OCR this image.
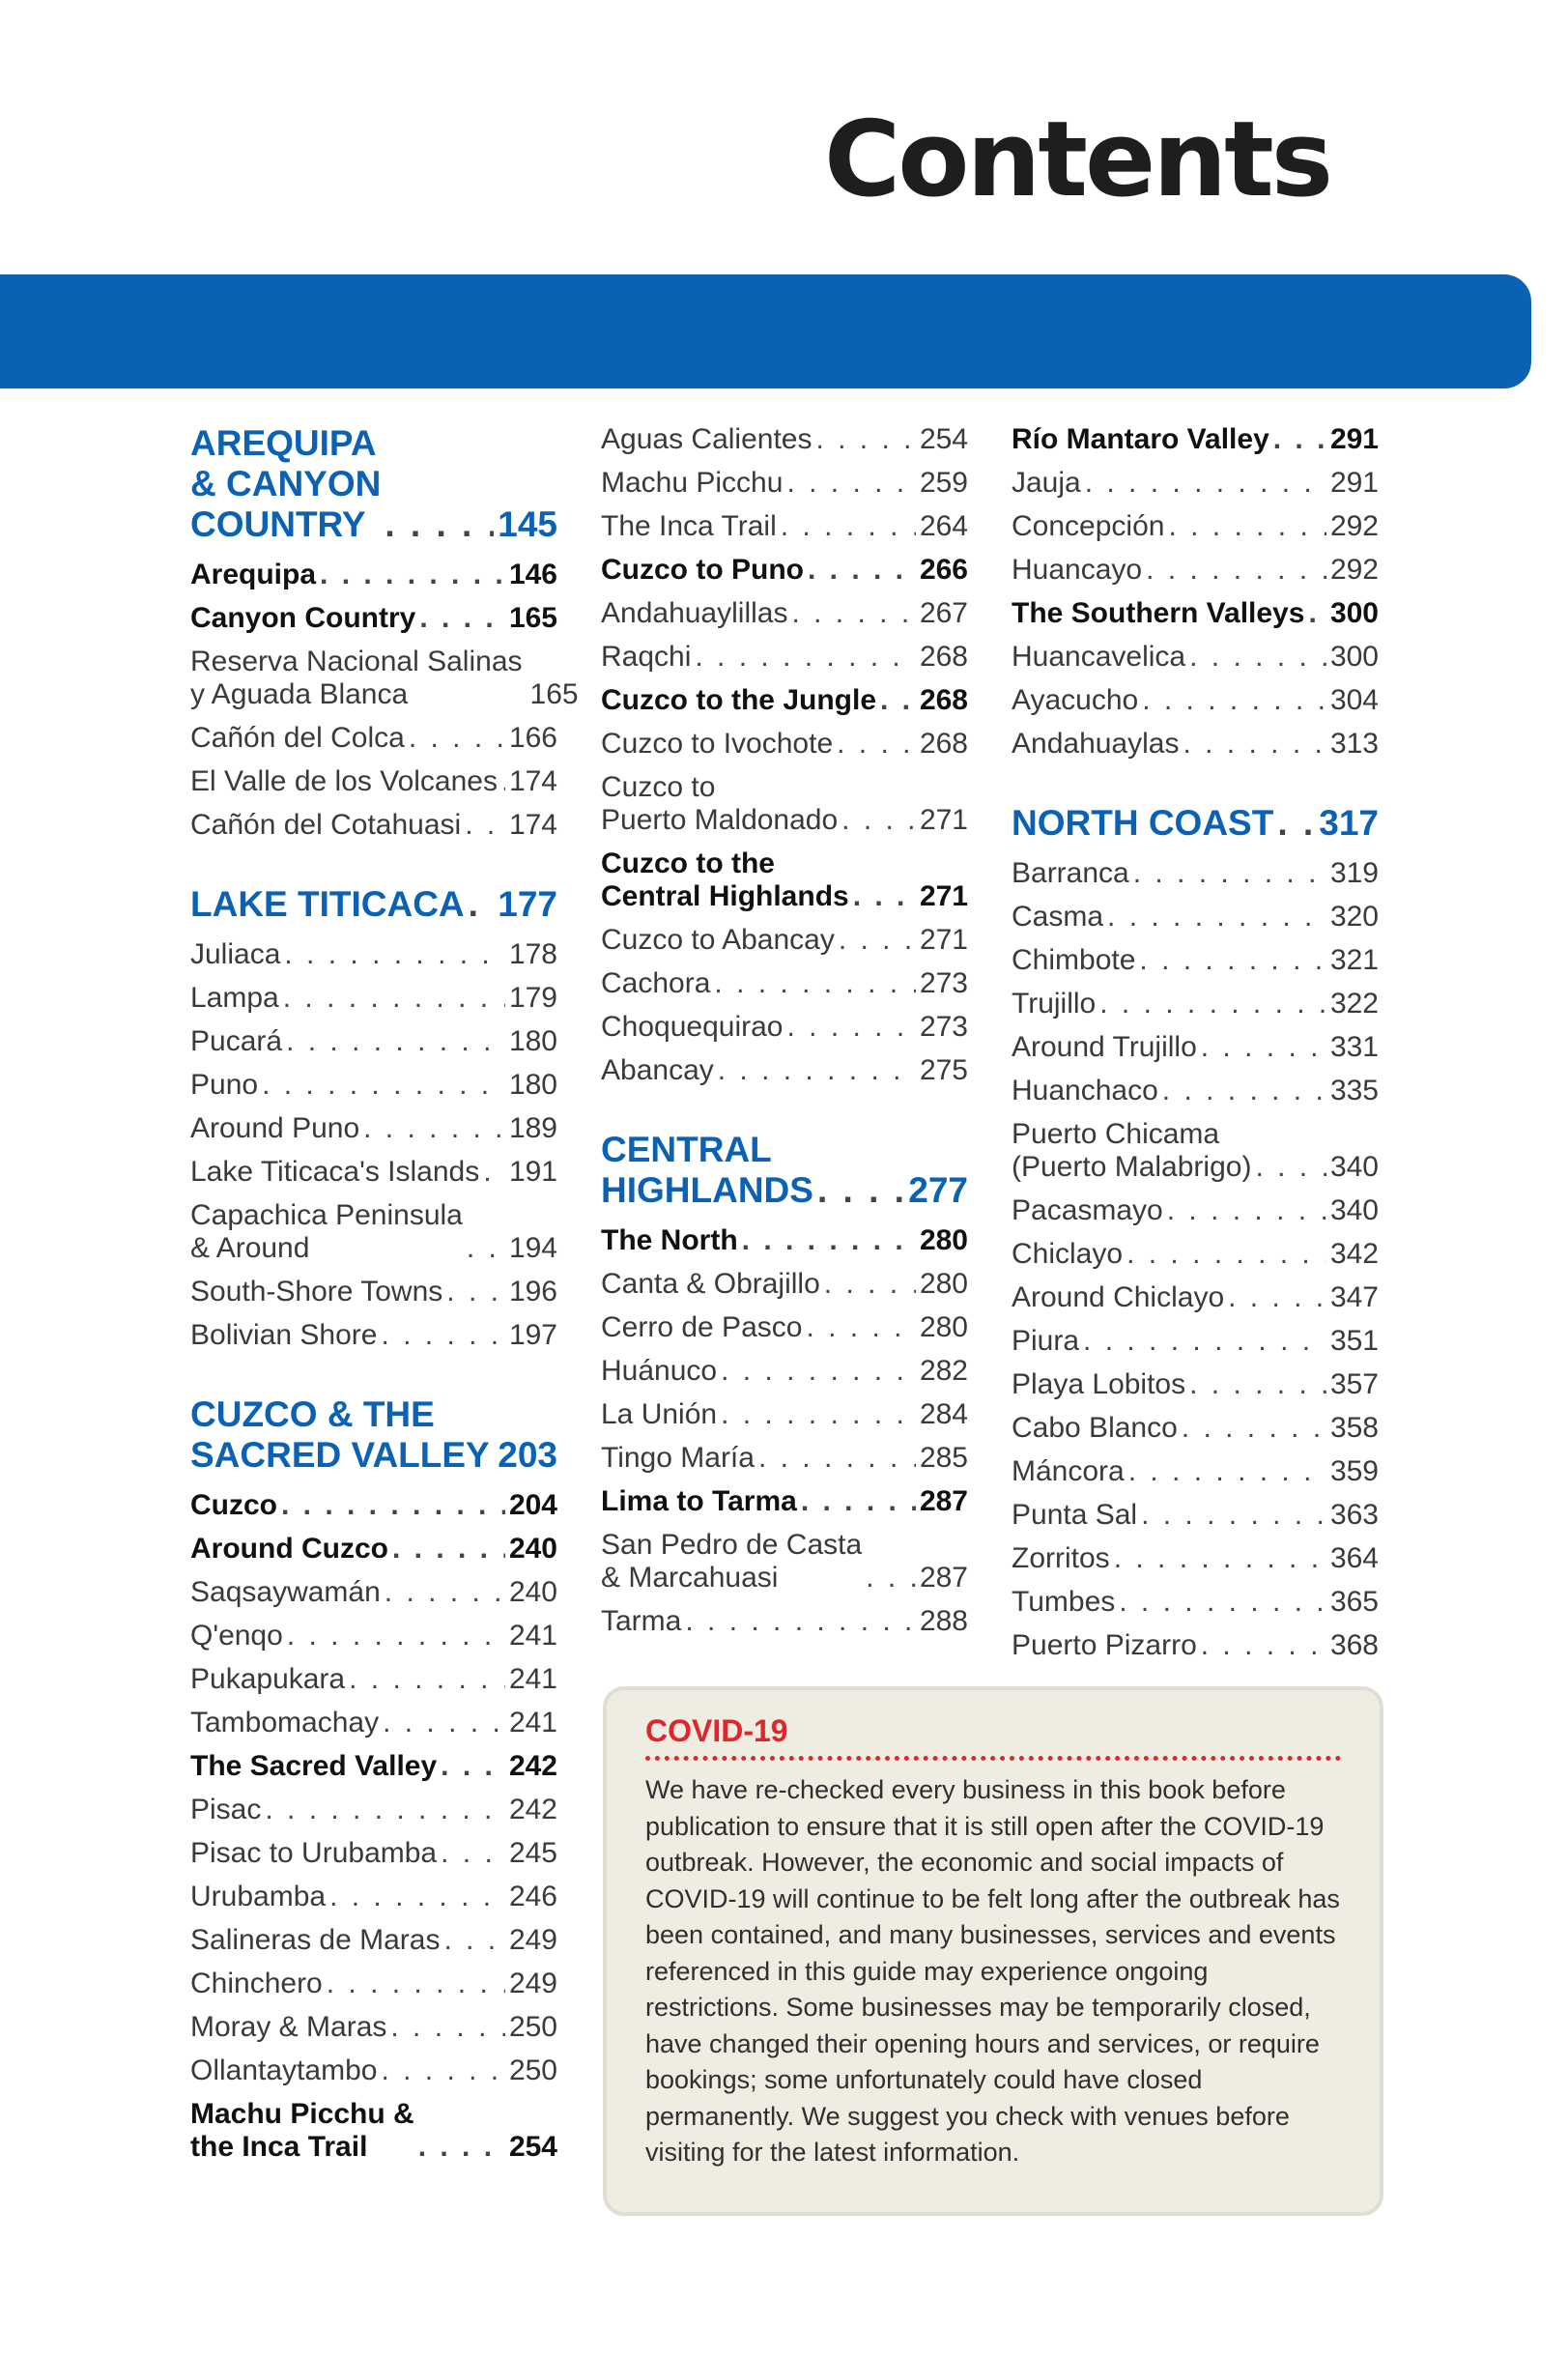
Contents
AREQUIPA
& CANYON
COUNTRY . . .	145
Arequipa . . .	146
Canyon Country . . .	165
Reserva Nacional Salinas
y Aguada Blanca	165
Cañón del Colca . . .	166
El Valle de los Volcanes . . . 174
Cañón del Cotahuasi . . . 174
LAKE TITICACA . . . 177
Juliaca . . .	178
Lampa . . .	179
Pucará . . .	180
Puno . . .	180
Around Puno . . .	189
Lake Titicaca's Islands . . . 191
Capachica Peninsula
& Around . . .	194
South-Shore Towns . . . 196
Bolivian Shore . . .	197
CUZCO & THE
SACRED VALLEY . . . 203
Cuzco . . .	204
Around Cuzco . . .	240
Saqsaywamán . . .	240
Q'enqo . . .	241
Pukapukara . . .	241
Tambomachay . . .	241
The Sacred Valley . . . 242
Pisac . . .	242
Pisac to Urubamba . . . 245
Urubamba . . .	246
Salineras de Maras . . . 249
Chinchero . . .	249
Moray & Maras . . .	250
Ollantaytambo . . .	250
Machu Picchu &
the Inca Trail . . .	254
Aguas Calientes . . .	254
Machu Picchu . . .	259
The Inca Trail . . .	264
Cuzco to Puno . . .	266
Andahuaylillas . . .	267
Raqchi . . .	268
Cuzco to the Jungle . . . 268
Cuzco to Ivochote . . .	268
Cuzco to
Puerto Maldonado . . .	271
Cuzco to the
Central Highlands . . . 271
Cuzco to Abancay . . .	271
Cachora . . .	273
Choquequirao . . .	273
Abancay . . .	275
CENTRAL
HIGHLANDS . . .	277
The North . . .	280
Canta & Obrajillo . . .	280
Cerro de Pasco . . .	280
Huánuco . . .	282
La Unión . . .	284
Tingo María . . .	285
Lima to Tarma . . .	287
San Pedro de Casta
& Marcahuasi . . .	287
Tarma . . .	288
Río Mantaro Valley . . . 291
Jauja . . .	291
Concepción . . .	292
Huancayo . . .	292
The Southern Valleys . . . 300
Huancavelica . . .	300
Ayacucho . . .	304
Andahuaylas . . .	313
NORTH COAST . . . 317
Barranca . . .	319
Casma . . .	320
Chimbote . . .	321
Trujillo . . .	322
Around Trujillo . . .	331
Huanchaco . . .	335
Puerto Chicama
(Puerto Malabrigo) . . .	340
Pacasmayo . . .	340
Chiclayo . . .	342
Around Chiclayo . . .	347
Piura . . .	351
Playa Lobitos . . .	357
Cabo Blanco . . .	358
Máncora . . .	359
Punta Sal . . .	363
Zorritos . . .	364
Tumbes . . .	365
Puerto Pizarro . . .	368
COVID-19

We have re-checked every business in this book before publication to ensure that it is still open after the COVID-19 outbreak. However, the economic and social impacts of COVID-19 will continue to be felt long after the outbreak has been contained, and many businesses, services and events referenced in this guide may experience ongoing restrictions. Some businesses may be temporarily closed, have changed their opening hours and services, or require bookings; some unfortunately could have closed permanently. We suggest you check with venues before visiting for the latest information.
